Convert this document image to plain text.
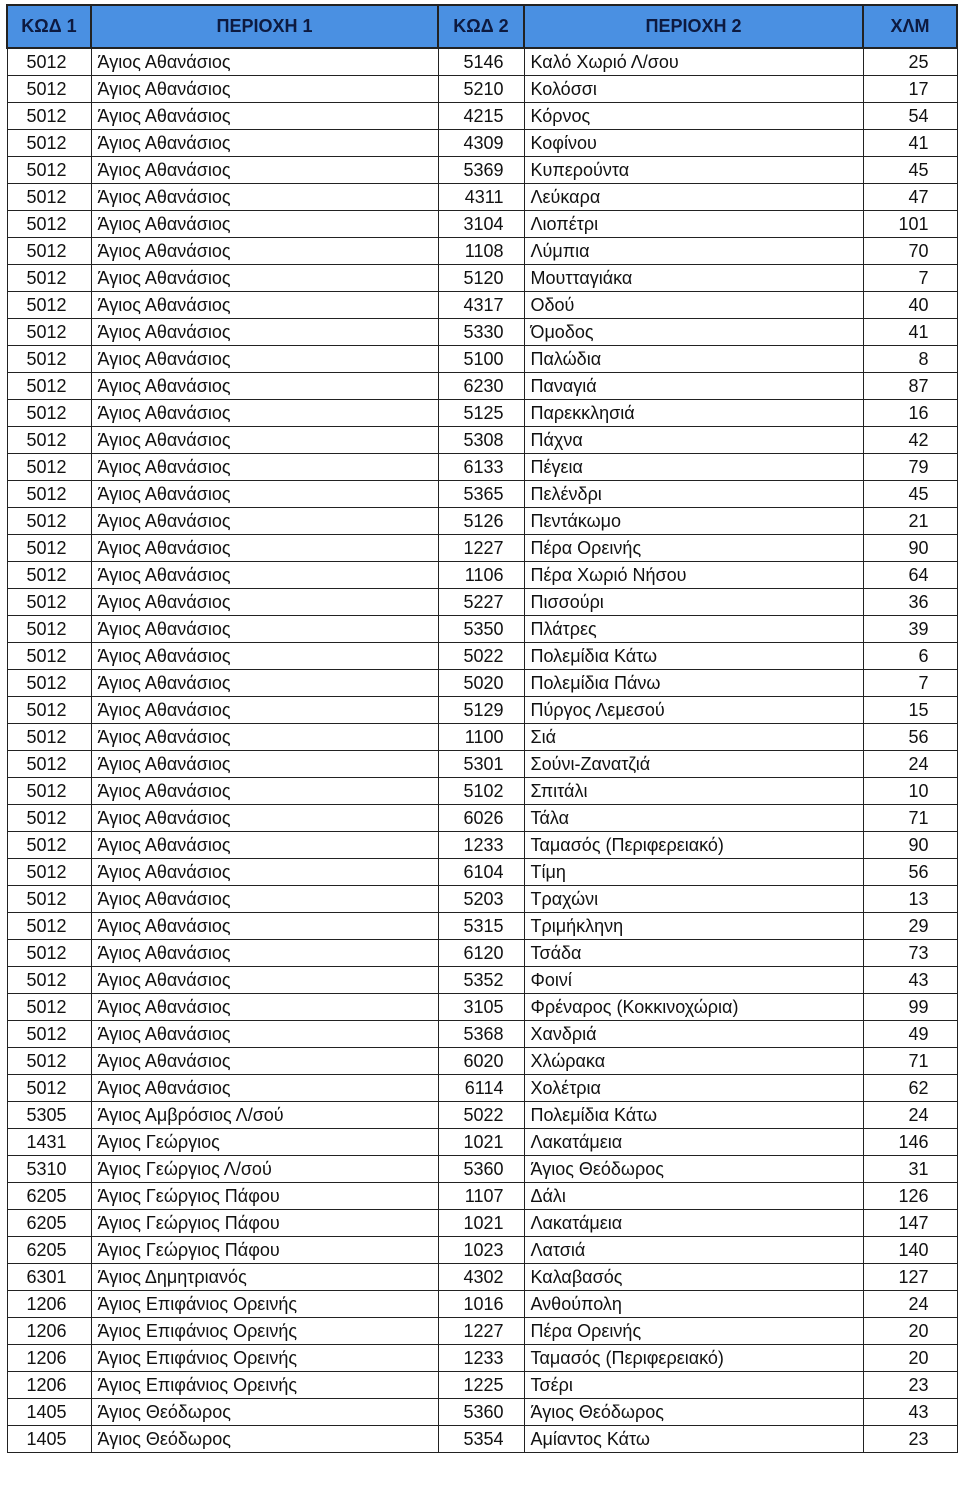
ΚΩΔ 1	ΠΕΡΙΟΧΗ 1	ΚΩΔ 2	ΠΕΡΙΟΧΗ 2	ΧΛΜ
5012	Άγιος Αθανάσιος	5146	Καλό Χωριό Λ/σου	25
5012	Άγιος Αθανάσιος	5210	Κολόσσι	17
5012	Άγιος Αθανάσιος	4215	Κόρνος	54
5012	Άγιος Αθανάσιος	4309	Κοφίνου	41
5012	Άγιος Αθανάσιος	5369	Κυπερούντα	45
5012	Άγιος Αθανάσιος	4311	Λεύκαρα	47
5012	Άγιος Αθανάσιος	3104	Λιοπέτρι	101
5012	Άγιος Αθανάσιος	1108	Λύμπια	70
5012	Άγιος Αθανάσιος	5120	Μουτταγιάκα	7
5012	Άγιος Αθανάσιος	4317	Οδού	40
5012	Άγιος Αθανάσιος	5330	Όμοδος	41
5012	Άγιος Αθανάσιος	5100	Παλώδια	8
5012	Άγιος Αθανάσιος	6230	Παναγιά	87
5012	Άγιος Αθανάσιος	5125	Παρεκκλησιά	16
5012	Άγιος Αθανάσιος	5308	Πάχνα	42
5012	Άγιος Αθανάσιος	6133	Πέγεια	79
5012	Άγιος Αθανάσιος	5365	Πελένδρι	45
5012	Άγιος Αθανάσιος	5126	Πεντάκωμο	21
5012	Άγιος Αθανάσιος	1227	Πέρα Ορεινής	90
5012	Άγιος Αθανάσιος	1106	Πέρα Χωριό Νήσου	64
5012	Άγιος Αθανάσιος	5227	Πισσούρι	36
5012	Άγιος Αθανάσιος	5350	Πλάτρες	39
5012	Άγιος Αθανάσιος	5022	Πολεμίδια Κάτω	6
5012	Άγιος Αθανάσιος	5020	Πολεμίδια Πάνω	7
5012	Άγιος Αθανάσιος	5129	Πύργος Λεμεσού	15
5012	Άγιος Αθανάσιος	1100	Σιά	56
5012	Άγιος Αθανάσιος	5301	Σούνι-Ζανατζιά	24
5012	Άγιος Αθανάσιος	5102	Σπιτάλι	10
5012	Άγιος Αθανάσιος	6026	Τάλα	71
5012	Άγιος Αθανάσιος	1233	Ταμασός (Περιφερειακό)	90
5012	Άγιος Αθανάσιος	6104	Τίμη	56
5012	Άγιος Αθανάσιος	5203	Τραχώνι	13
5012	Άγιος Αθανάσιος	5315	Τριμήκληνη	29
5012	Άγιος Αθανάσιος	6120	Τσάδα	73
5012	Άγιος Αθανάσιος	5352	Φοινί	43
5012	Άγιος Αθανάσιος	3105	Φρέναρος (Κοκκινοχώρια)	99
5012	Άγιος Αθανάσιος	5368	Χανδριά	49
5012	Άγιος Αθανάσιος	6020	Χλώρακα	71
5012	Άγιος Αθανάσιος	6114	Χολέτρια	62
5305	Άγιος Αμβρόσιος Λ/σού	5022	Πολεμίδια Κάτω	24
1431	Άγιος Γεώργιος	1021	Λακατάμεια	146
5310	Άγιος Γεώργιος Λ/σού	5360	Άγιος Θεόδωρος	31
6205	Άγιος Γεώργιος Πάφου	1107	Δάλι	126
6205	Άγιος Γεώργιος Πάφου	1021	Λακατάμεια	147
6205	Άγιος Γεώργιος Πάφου	1023	Λατσιά	140
6301	Άγιος Δημητριανός	4302	Καλαβασός	127
1206	Άγιος Επιφάνιος Ορεινής	1016	Ανθούπολη	24
1206	Άγιος Επιφάνιος Ορεινής	1227	Πέρα Ορεινής	20
1206	Άγιος Επιφάνιος Ορεινής	1233	Ταμασός (Περιφερειακό)	20
1206	Άγιος Επιφάνιος Ορεινής	1225	Τσέρι	23
1405	Άγιος Θεόδωρος	5360	Άγιος Θεόδωρος	43
1405	Άγιος Θεόδωρος	5354	Αμίαντος Κάτω	23
